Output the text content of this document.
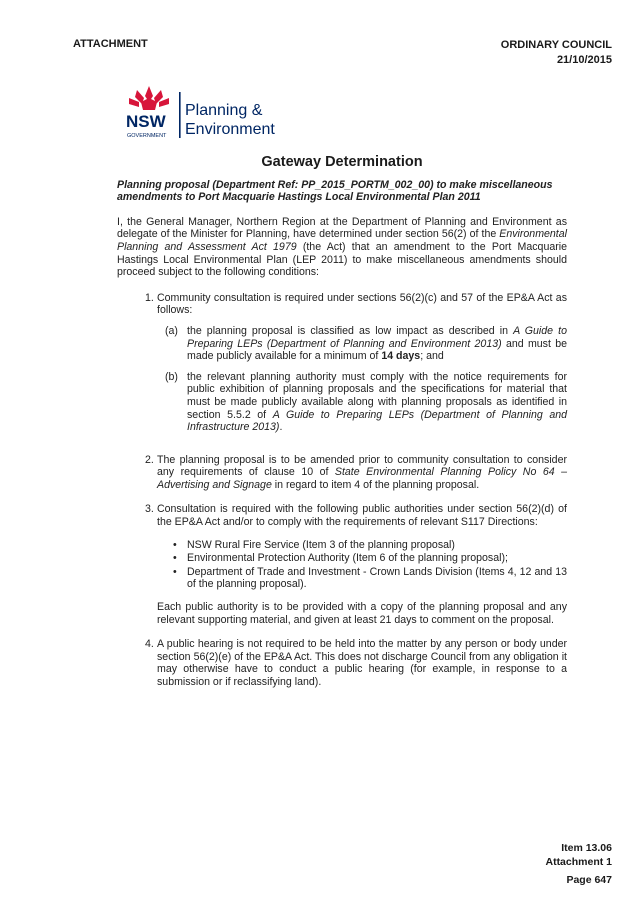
ATTACHMENT	ORDINARY COUNCIL
21/10/2015
NSW
GOVERNMENT
Planning &
Environment
Gateway Determination
Planning proposal (Department Ref: PP_2015_PORTM_002_00) to make miscellaneous amendments to Port Macquarie Hastings Local Environmental Plan 2011
I, the General Manager, Northern Region at the Department of Planning and Environment as delegate of the Minister for Planning, have determined under section 56(2) of the Environmental Planning and Assessment Act 1979 (the Act) that an amendment to the Port Macquarie Hastings Local Environmental Plan (LEP 2011) to make miscellaneous amendments should proceed subject to the following conditions:
1. Community consultation is required under sections 56(2)(c) and 57 of the EP&A Act as follows:
(a) the planning proposal is classified as low impact as described in A Guide to Preparing LEPs (Department of Planning and Environment 2013) and must be made publicly available for a minimum of 14 days; and
(b) the relevant planning authority must comply with the notice requirements for public exhibition of planning proposals and the specifications for material that must be made publicly available along with planning proposals as identified in section 5.5.2 of A Guide to Preparing LEPs (Department of Planning and Infrastructure 2013).
2. The planning proposal is to be amended prior to community consultation to consider any requirements of clause 10 of State Environmental Planning Policy No 64 – Advertising and Signage in regard to item 4 of the planning proposal.
3. Consultation is required with the following public authorities under section 56(2)(d) of the EP&A Act and/or to comply with the requirements of relevant S117 Directions:
• NSW Rural Fire Service (Item 3 of the planning proposal)
• Environmental Protection Authority (Item 6 of the planning proposal);
• Department of Trade and Investment - Crown Lands Division (Items 4, 12 and 13 of the planning proposal).
Each public authority is to be provided with a copy of the planning proposal and any relevant supporting material, and given at least 21 days to comment on the proposal.
4. A public hearing is not required to be held into the matter by any person or body under section 56(2)(e) of the EP&A Act. This does not discharge Council from any obligation it may otherwise have to conduct a public hearing (for example, in response to a submission or if reclassifying land).
Item 13.06
Attachment 1
Page 647
